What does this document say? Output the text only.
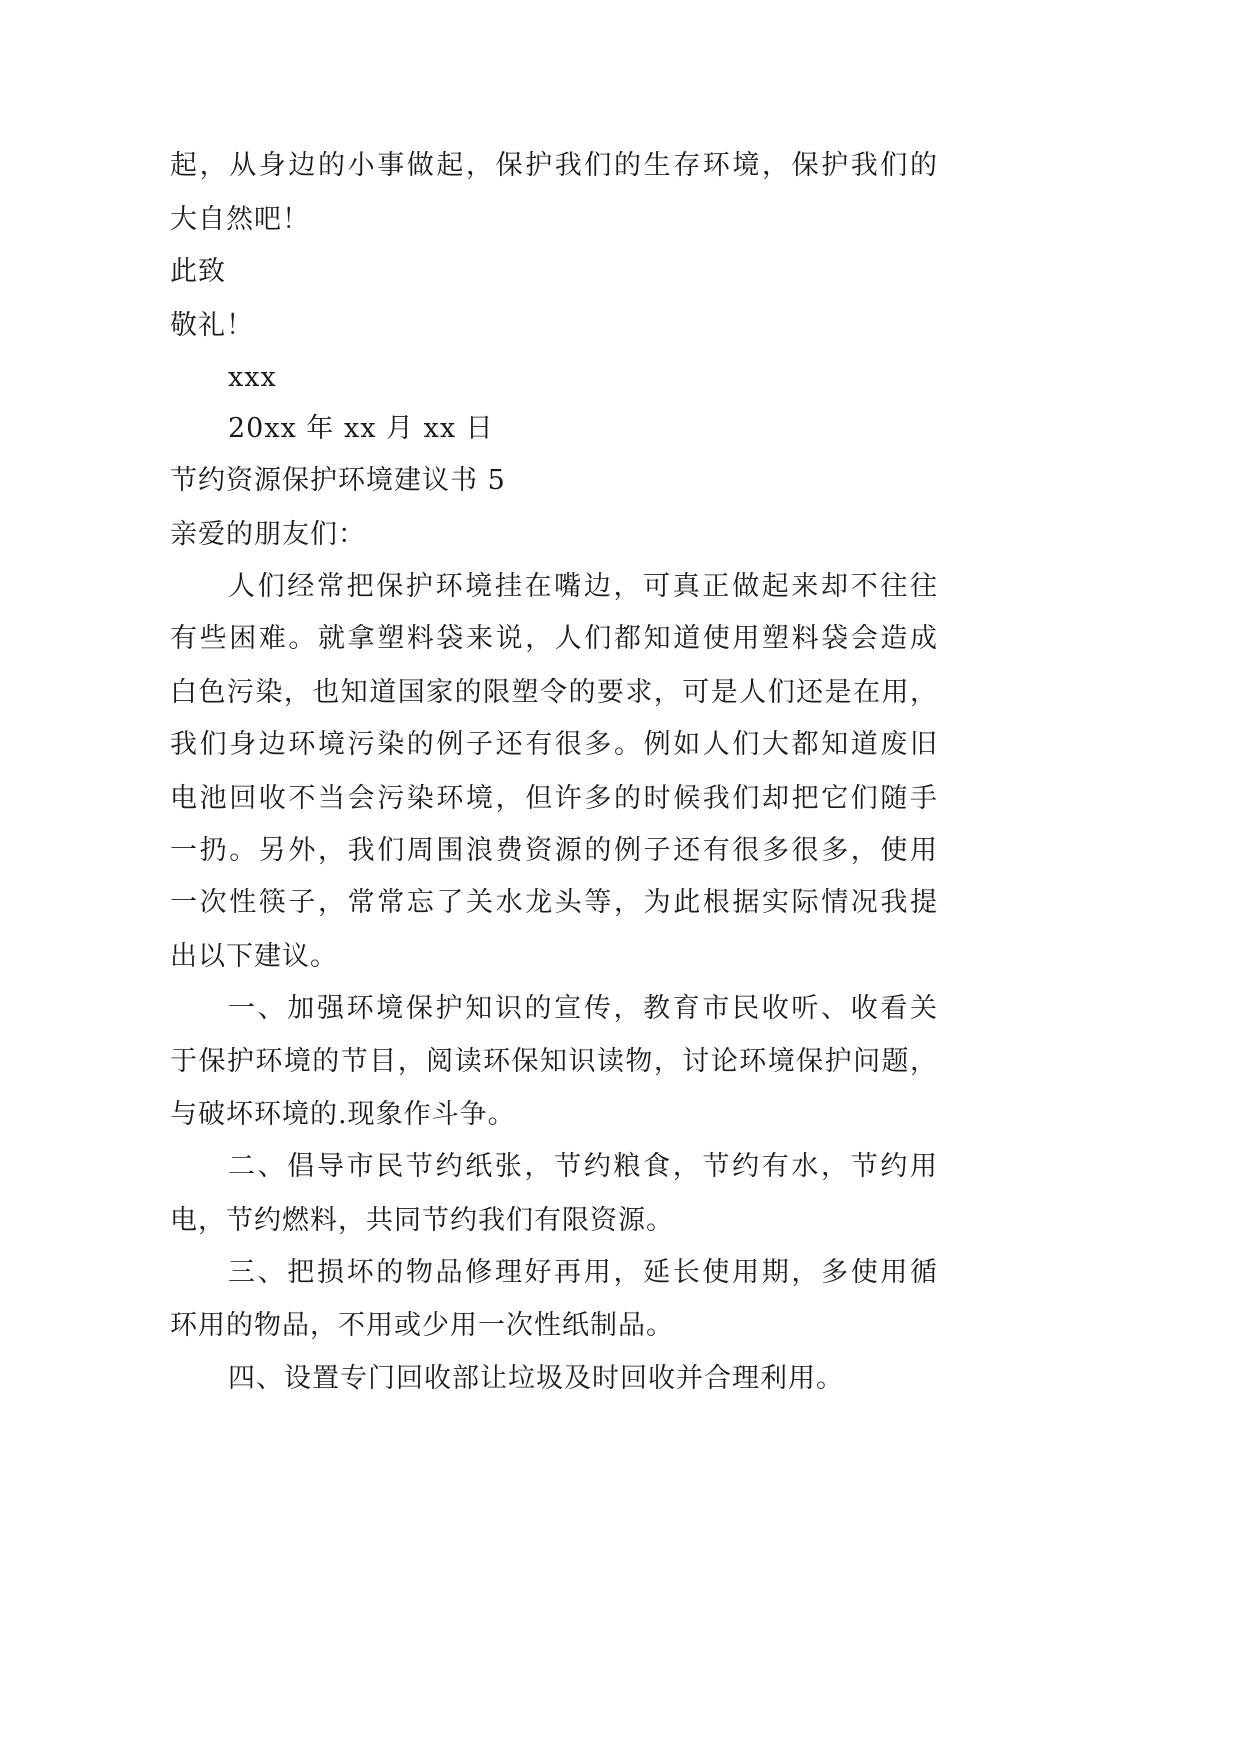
起，从身边的小事做起，保护我们的生存环境，保护我们的
大自然吧！
此致
敬礼！
xxx
20xx 年 xx 月 xx 日
节约资源保护环境建议书 5
亲爱的朋友们：
人们经常把保护环境挂在嘴边，可真正做起来却不往往
有些困难。就拿塑料袋来说，人们都知道使用塑料袋会造成
白色污染，也知道国家的限塑令的要求，可是人们还是在用，
我们身边环境污染的例子还有很多。例如人们大都知道废旧
电池回收不当会污染环境，但许多的时候我们却把它们随手
一扔。另外，我们周围浪费资源的例子还有很多很多，使用
一次性筷子，常常忘了关水龙头等，为此根据实际情况我提
出以下建议。
一、加强环境保护知识的宣传，教育市民收听、收看关
于保护环境的节目，阅读环保知识读物，讨论环境保护问题，
与破坏环境的.现象作斗争。
二、倡导市民节约纸张，节约粮食，节约有水，节约用
电，节约燃料，共同节约我们有限资源。
三、把损坏的物品修理好再用，延长使用期，多使用循
环用的物品，不用或少用一次性纸制品。
四、设置专门回收部让垃圾及时回收并合理利用。
